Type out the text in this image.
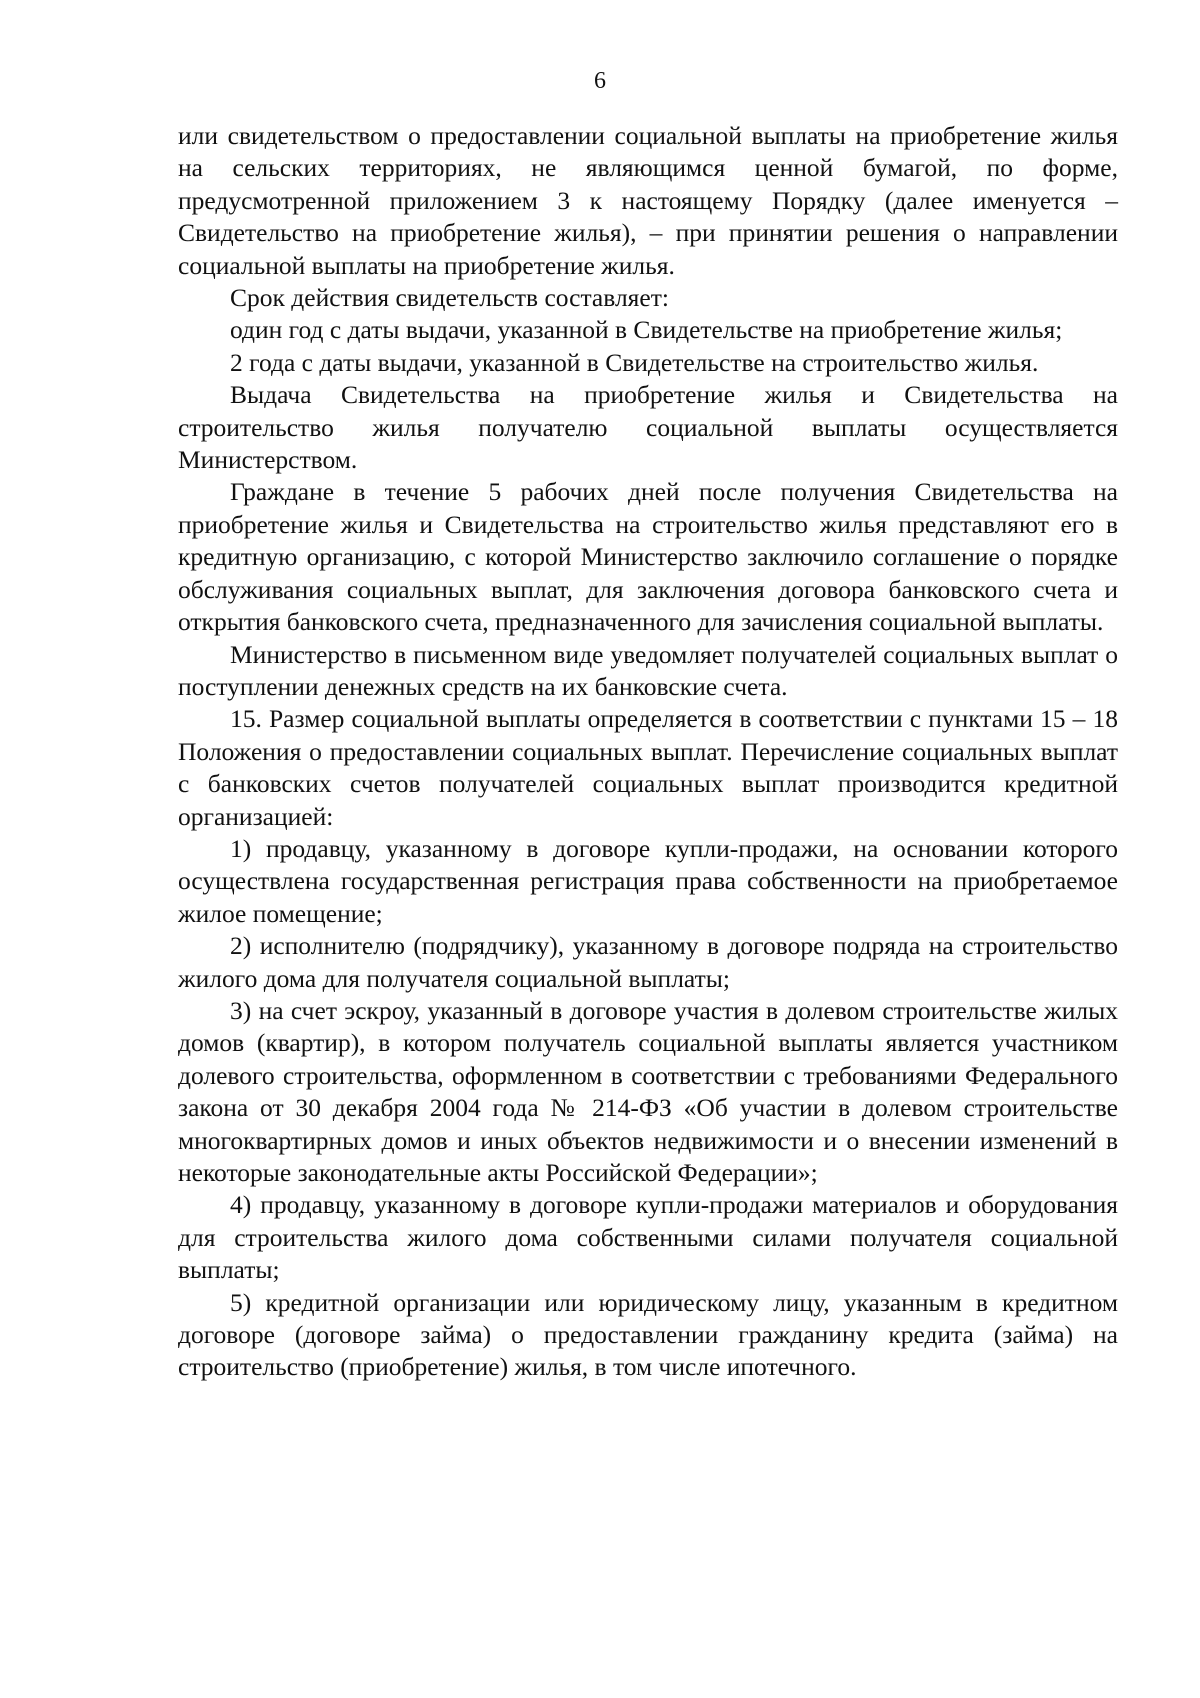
6

или свидетельством о предоставлении социальной выплаты на приобретение жилья на сельских территориях, не являющимся ценной бумагой, по форме, предусмотренной приложением 3 к настоящему Порядку (далее именуется – Свидетельство на приобретение жилья), – при принятии решения о направлении социальной выплаты на приобретение жилья.

Срок действия свидетельств составляет:

один год с даты выдачи, указанной в Свидетельстве на приобретение жилья;

2 года с даты выдачи, указанной в Свидетельстве на строительство жилья.

Выдача Свидетельства на приобретение жилья и Свидетельства на строительство жилья получателю социальной выплаты осуществляется Министерством.

Граждане в течение 5 рабочих дней после получения Свидетельства на приобретение жилья и Свидетельства на строительство жилья представляют его в кредитную организацию, с которой Министерство заключило соглашение о порядке обслуживания социальных выплат, для заключения договора банковского счета и открытия банковского счета, предназначенного для зачисления социальной выплаты.

Министерство в письменном виде уведомляет получателей социальных выплат о поступлении денежных средств на их банковские счета.

15. Размер социальной выплаты определяется в соответствии с пунктами 15 – 18 Положения о предоставлении социальных выплат. Перечисление социальных выплат с банковских счетов получателей социальных выплат производится кредитной организацией:

1) продавцу, указанному в договоре купли-продажи, на основании которого осуществлена государственная регистрация права собственности на приобретаемое жилое помещение;

2) исполнителю (подрядчику), указанному в договоре подряда на строительство жилого дома для получателя социальной выплаты;

3) на счет эскроу, указанный в договоре участия в долевом строительстве жилых домов (квартир), в котором получатель социальной выплаты является участником долевого строительства, оформленном в соответствии с требованиями Федерального закона от 30 декабря 2004 года № 214-ФЗ «Об участии в долевом строительстве многоквартирных домов и иных объектов недвижимости и о внесении изменений в некоторые законодательные акты Российской Федерации»;

4) продавцу, указанному в договоре купли-продажи материалов и оборудования для строительства жилого дома собственными силами получателя социальной выплаты;

5) кредитной организации или юридическому лицу, указанным в кредитном договоре (договоре займа) о предоставлении гражданину кредита (займа) на строительство (приобретение) жилья, в том числе ипотечного.
